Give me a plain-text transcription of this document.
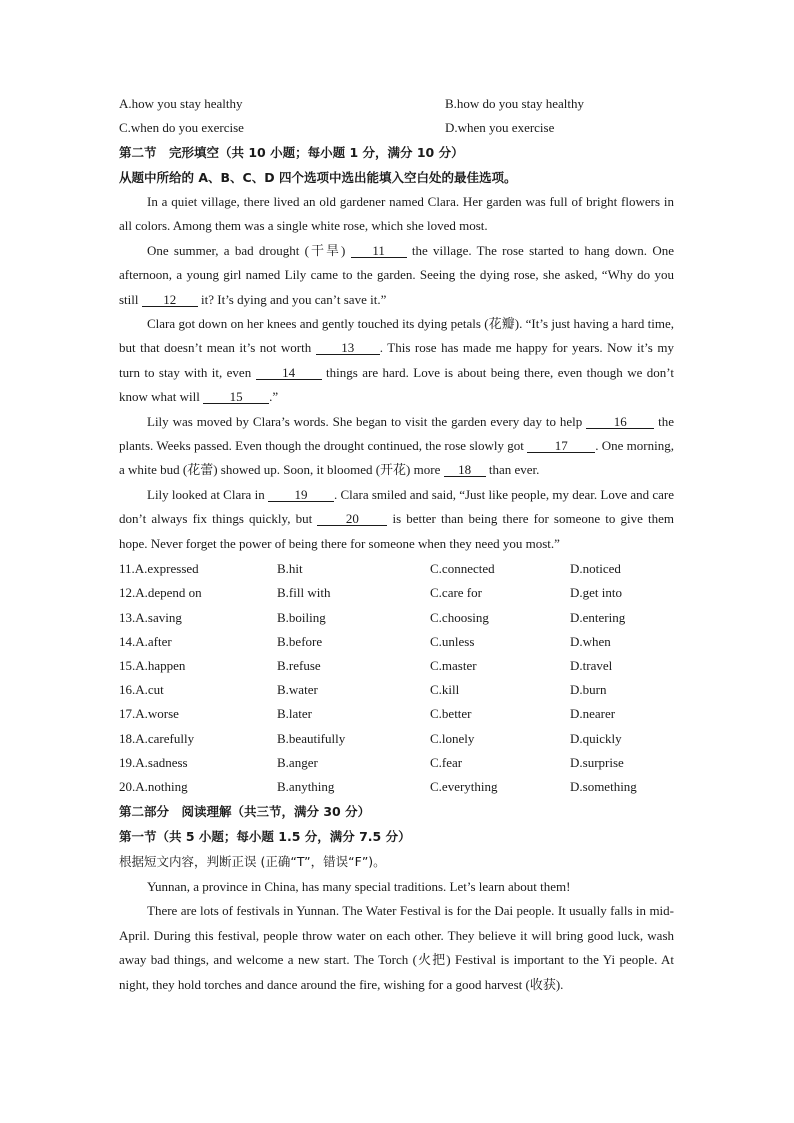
A.how you stay healthy	B.how do you stay healthy
C.when do you exercise	D.when you exercise
第二节　完形填空（共 10 小题；每小题 1 分，满分 10 分）
从题中所给的 A、B、C、D 四个选项中选出能填入空白处的最佳选项。

In a quiet village, there lived an old gardener named Clara. Her garden was full of bright flowers in all colors. Among them was a single white rose, which she loved most.

One summer, a bad drought (干旱) 11 the village. The rose started to hang down. One afternoon, a young girl named Lily came to the garden. Seeing the dying rose, she asked, “Why do you still 12 it? It’s dying and you can’t save it.”

Clara got down on her knees and gently touched its dying petals (花瓣). “It’s just having a hard time, but that doesn’t mean it’s not worth 13 . This rose has made me happy for years. Now it’s my turn to stay with it, even 14 things are hard. Love is about being there, even though we don’t know what will 15 .”

Lily was moved by Clara’s words. She began to visit the garden every day to help 16 the plants. Weeks passed. Even though the drought continued, the rose slowly got 17 . One morning, a white bud (花蕾) showed up. Soon, it bloomed (开花) more 18 than ever.

Lily looked at Clara in 19 . Clara smiled and said, “Just like people, my dear. Love and care don’t always fix things quickly, but 20 is better than being there for someone to give them hope. Never forget the power of being there for someone when they need you most.”

11.A.expressed	B.hit	C.connected	D.noticed
12.A.depend on	B.fill with	C.care for	D.get into
13.A.saving	B.boiling	C.choosing	D.entering
14.A.after	B.before	C.unless	D.when
15.A.happen	B.refuse	C.master	D.travel
16.A.cut	B.water	C.kill	D.burn
17.A.worse	B.later	C.better	D.nearer
18.A.carefully	B.beautifully	C.lonely	D.quickly
19.A.sadness	B.anger	C.fear	D.surprise
20.A.nothing	B.anything	C.everything	D.something
第二部分　阅读理解（共三节，满分 30 分）
第一节（共 5 小题；每小题 1.5 分，满分 7.5 分）
根据短文内容，判断正误 (正确“T”，错误“F”)。

Yunnan, a province in China, has many special traditions. Let’s learn about them!

There are lots of festivals in Yunnan. The Water Festival is for the Dai people. It usually falls in mid-April. During this festival, people throw water on each other. They believe it will bring good luck, wash away bad things, and welcome a new start. The Torch (火把) Festival is important to the Yi people. At night, they hold torches and dance around the fire, wishing for a good harvest (收获).
